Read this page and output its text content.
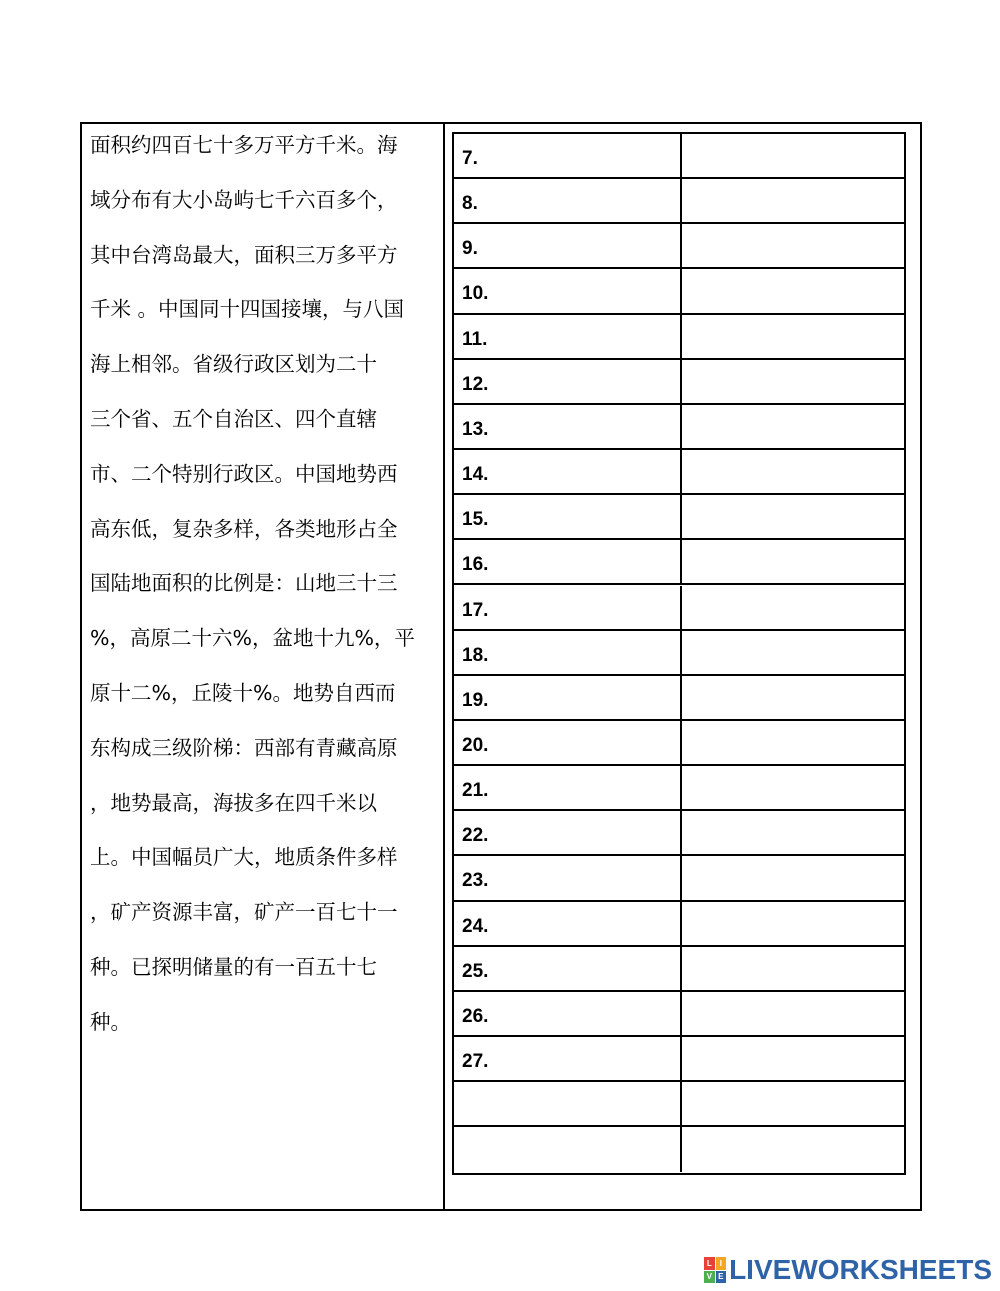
面积约四百七十多万平方千米。海
域分布有大小岛屿七千六百多个，
其中台湾岛最大，面积三万多平方
千米 。中国同十四国接壤，与八国
海上相邻。省级行政区划为二十
三个省、五个自治区、四个直辖
市、二个特别行政区。中国地势西
高东低，复杂多样，各类地形占全
国陆地面积的比例是：山地三十三
%，高原二十六%，盆地十九%，平
原十二%，丘陵十%。地势自西而
东构成三级阶梯：西部有青藏高原
，地势最高，海拔多在四千米以
上。中国幅员广大，地质条件多样
，矿产资源丰富，矿产一百七十一
种。已探明储量的有一百五十七
种。
7.
8.
9.
10.
11.
12.
13.
14.
15.
16.
17.
18.
19.
20.
21.
22.
23.
24.
25.
26.
27.
L I
V E LIVEWORKSHEETS
